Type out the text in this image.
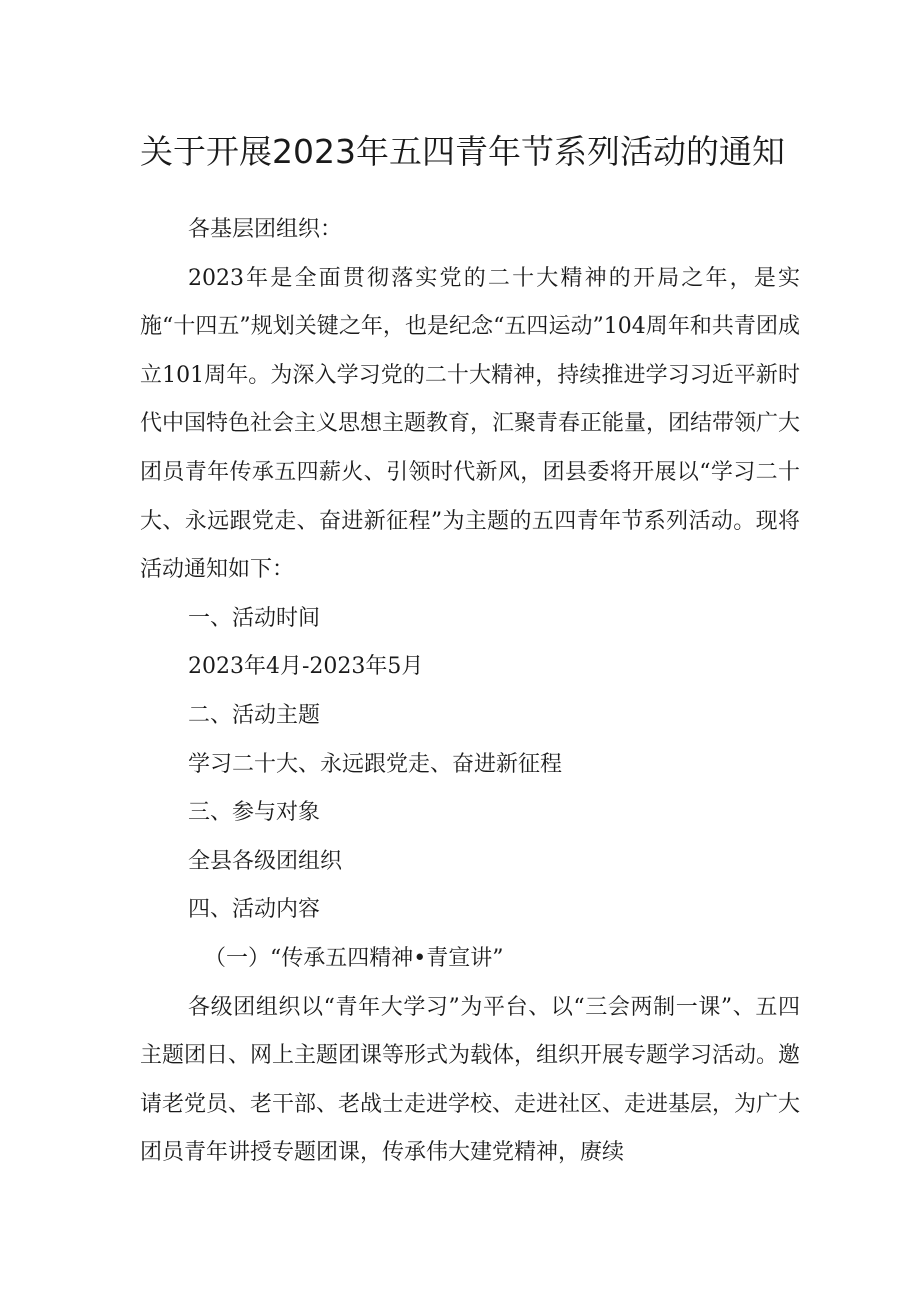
关于开展2023年五四青年节系列活动的通知

各基层团组织：

2023年是全面贯彻落实党的二十大精神的开局之年，是实施“十四五”规划关键之年，也是纪念“五四运动”104周年和共青团成立101周年。为深入学习党的二十大精神，持续推进学习习近平新时代中国特色社会主义思想主题教育，汇聚青春正能量，团结带领广大团员青年传承五四薪火、引领时代新风，团县委将开展以“学习二十大、永远跟党走、奋进新征程”为主题的五四青年节系列活动。现将活动通知如下：

一、活动时间

2023年4月-2023年5月

二、活动主题

学习二十大、永远跟党走、奋进新征程

三、参与对象

全县各级团组织

四、活动内容

（一）“传承五四精神•青宣讲”

各级团组织以“青年大学习”为平台、以“三会两制一课”、五四主题团日、网上主题团课等形式为载体，组织开展专题学习活动。邀请老党员、老干部、老战士走进学校、走进社区、走进基层，为广大团员青年讲授专题团课，传承伟大建党精神，赓续
